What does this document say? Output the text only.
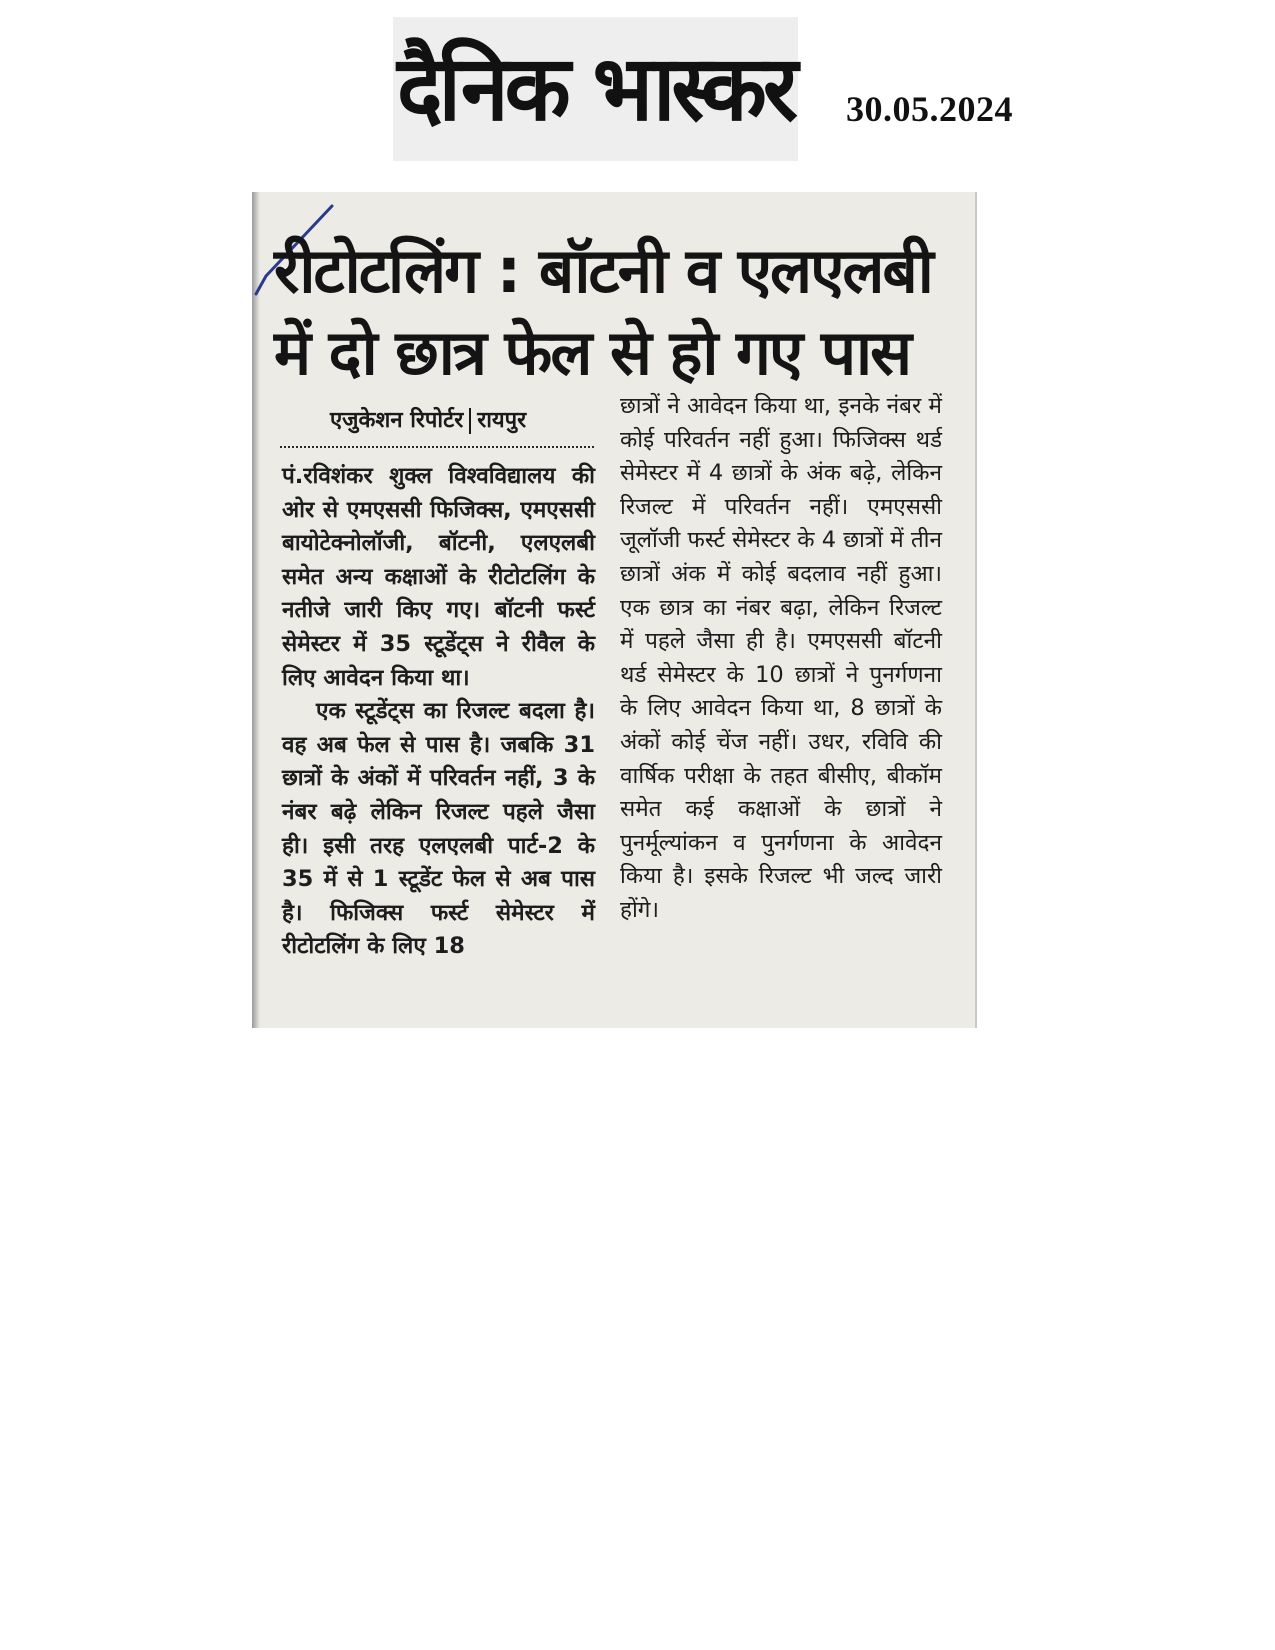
दैनिक भास्कर 30.05.2024
रीटोटलिंग : बॉटनी व एलएलबी में दो छात्र फेल से हो गए पास
एजुकेशन रिपोर्टर रायपुर

पं.रविशंकर शुक्ल विश्वविद्यालय की ओर से एमएससी फिजिक्स, एमएससी बायोटेक्नोलॉजी, बॉटनी, एलएलबी समेत अन्य कक्षाओं के रीटोटलिंग के नतीजे जारी किए गए। बॉटनी फर्स्ट सेमेस्टर में 35 स्टूडेंट्स ने रीवैल के लिए आवेदन किया था।

एक स्टूडेंट्स का रिजल्ट बदला है। वह अब फेल से पास है। जबकि 31 छात्रों के अंकों में परिवर्तन नहीं, 3 के नंबर बढ़े लेकिन रिजल्ट पहले जैसा ही। इसी तरह एलएलबी पार्ट-2 के 35 में से 1 स्टूडेंट फेल से अब पास है। फिजिक्स फर्स्ट सेमेस्टर में रीटोटलिंग के लिए 18

छात्रों ने आवेदन किया था, इनके नंबर में कोई परिवर्तन नहीं हुआ। फिजिक्स थर्ड सेमेस्टर में 4 छात्रों के अंक बढ़े, लेकिन रिजल्ट में परिवर्तन नहीं। एमएससी जूलॉजी फर्स्ट सेमेस्टर के 4 छात्रों में तीन छात्रों अंक में कोई बदलाव नहीं हुआ। एक छात्र का नंबर बढ़ा, लेकिन रिजल्ट में पहले जैसा ही है। एमएससी बॉटनी थर्ड सेमेस्टर के 10 छात्रों ने पुनर्गणना के लिए आवेदन किया था, 8 छात्रों के अंकों कोई चेंज नहीं। उधर, रविवि की वार्षिक परीक्षा के तहत बीसीए, बीकॉम समेत कई कक्षाओं के छात्रों ने पुनर्मूल्यांकन व पुनर्गणना के आवेदन किया है। इसके रिजल्ट भी जल्द जारी होंगे।
